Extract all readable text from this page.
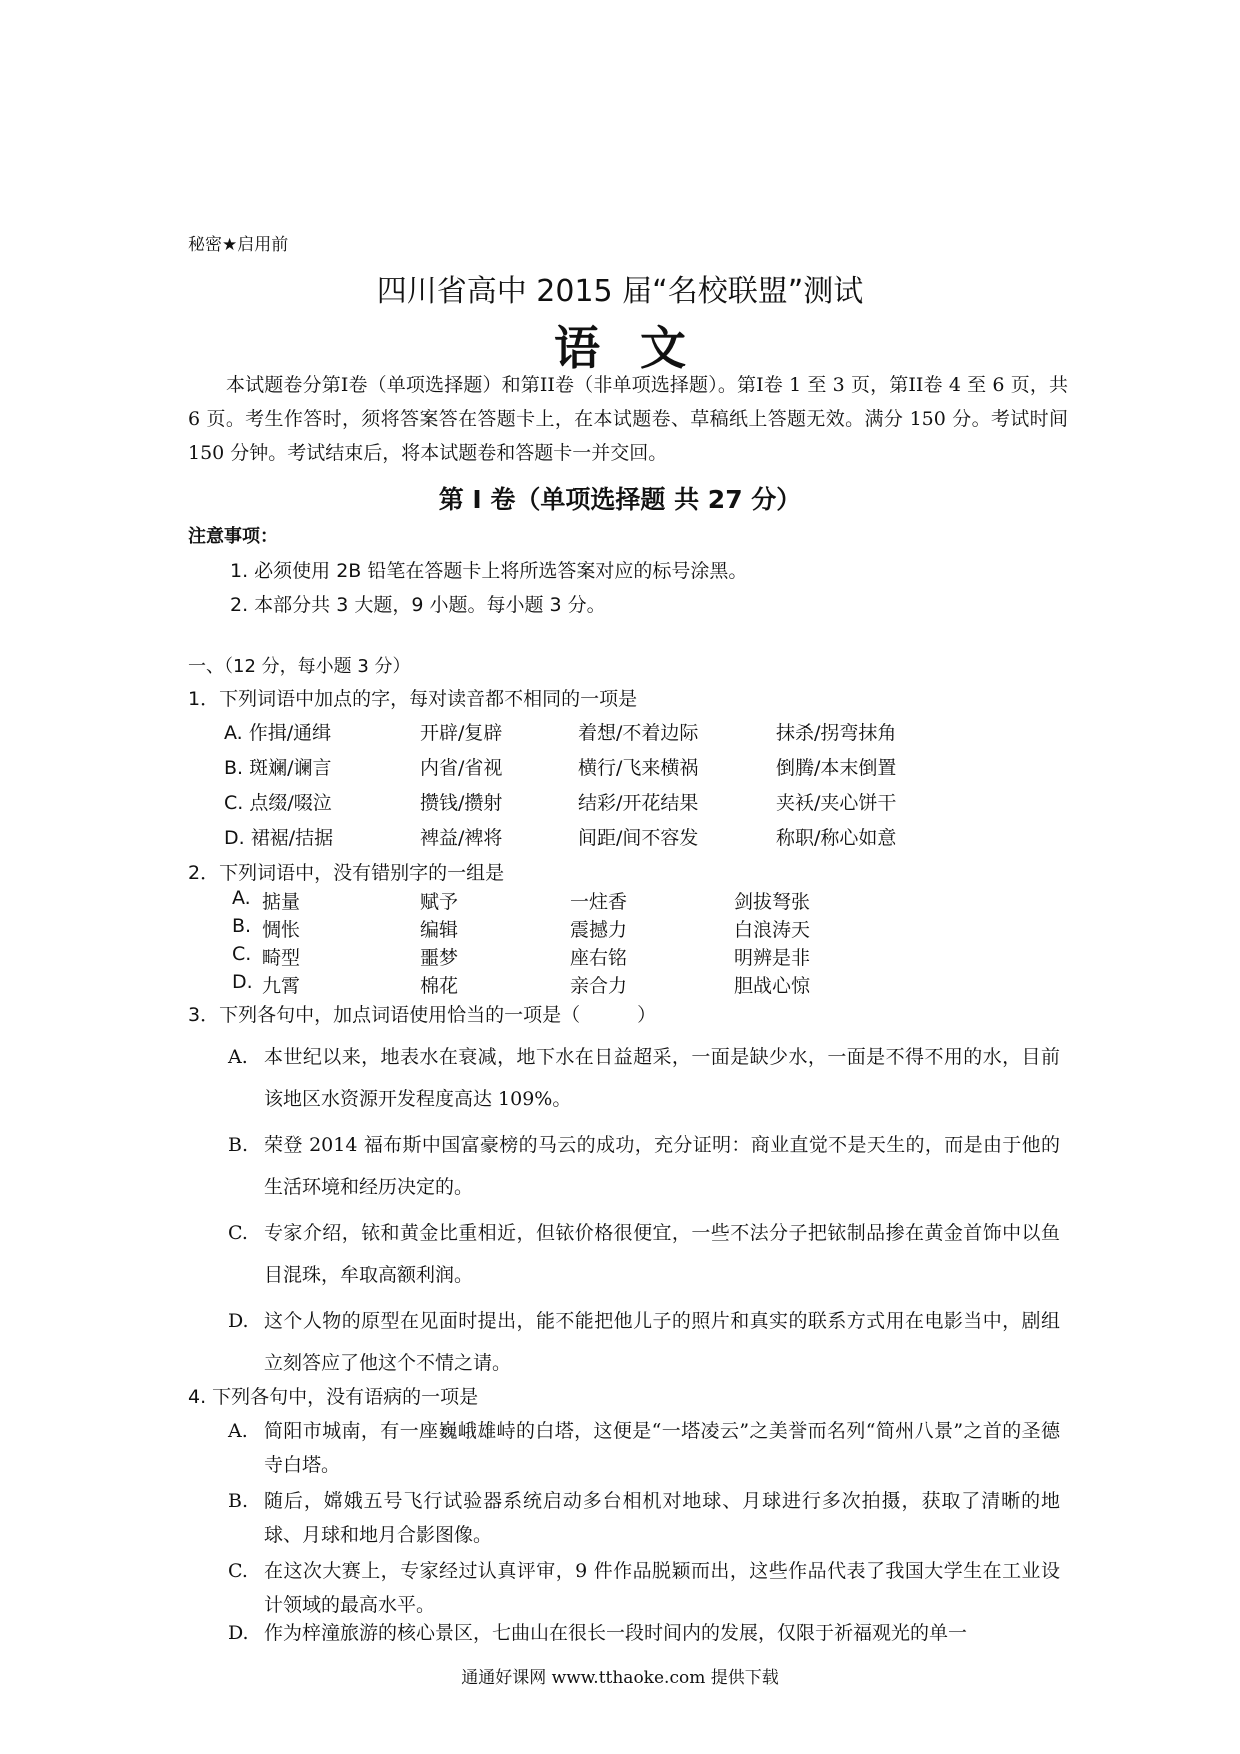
秘密★启用前
四川省高中 2015 届“名校联盟”测试
语文
本试题卷分第Ⅰ卷（单项选择题）和第II卷（非单项选择题）。第Ⅰ卷 1 至 3 页，第II卷 4 至 6 页，共 6 页。考生作答时，须将答案答在答题卡上，在本试题卷、草稿纸上答题无效。满分 150 分。考试时间 150 分钟。考试结束后，将本试题卷和答题卡一并交回。
第 Ⅰ 卷（单项选择题 共 27 分）
注意事项：
1. 必须使用 2B 铅笔在答题卡上将所选答案对应的标号涂黑。
2. 本部分共 3 大题，9 小题。每小题 3 分。
一、（12 分，每小题 3 分）
1．下列词语中加点的字，每对读音都不相同的一项是
A. 作揖/通缉	开辟/复辟	着想/不着边际	抹杀/拐弯抹角
B. 斑斓/谰言	内省/省视	横行/飞来横祸	倒腾/本末倒置
C. 点缀/啜泣	攒钱/攒射	结彩/开花结果	夹袄/夹心饼干
D. 裙裾/拮据	裨益/裨将	间距/间不容发	称职/称心如意
2．下列词语中，没有错别字的一组是
A. 掂量	赋予	一炷香	剑拔弩张
B. 惆怅	编辑	震撼力	白浪涛天
C. 畸型	噩梦	座右铭	明辨是非
D. 九霄	棉花	亲合力	胆战心惊
3．下列各句中，加点词语使用恰当的一项是（　　　）
A. 本世纪以来，地表水在衰减，地下水在日益超采，一面是缺少水，一面是不得不用的水，目前该地区水资源开发程度高达 109%。
B. 荣登 2014 福布斯中国富豪榜的马云的成功，充分证明：商业直觉不是天生的，而是由于他的生活环境和经历决定的。
C. 专家介绍，铱和黄金比重相近，但铱价格很便宜，一些不法分子把铱制品掺在黄金首饰中以鱼目混珠，牟取高额利润。
D. 这个人物的原型在见面时提出，能不能把他儿子的照片和真实的联系方式用在电影当中，剧组立刻答应了他这个不情之请。
4. 下列各句中，没有语病的一项是
A. 简阳市城南，有一座巍峨雄峙的白塔，这便是“一塔凌云”之美誉而名列“简州八景”之首的圣德寺白塔。
B. 随后，嫦娥五号飞行试验器系统启动多台相机对地球、月球进行多次拍摄，获取了清晰的地球、月球和地月合影图像。
C. 在这次大赛上，专家经过认真评审，9 件作品脱颖而出，这些作品代表了我国大学生在工业设计领域的最高水平。
D. 作为梓潼旅游的核心景区，七曲山在很长一段时间内的发展，仅限于祈福观光的单一
通通好课网 www.tthaoke.com 提供下载
